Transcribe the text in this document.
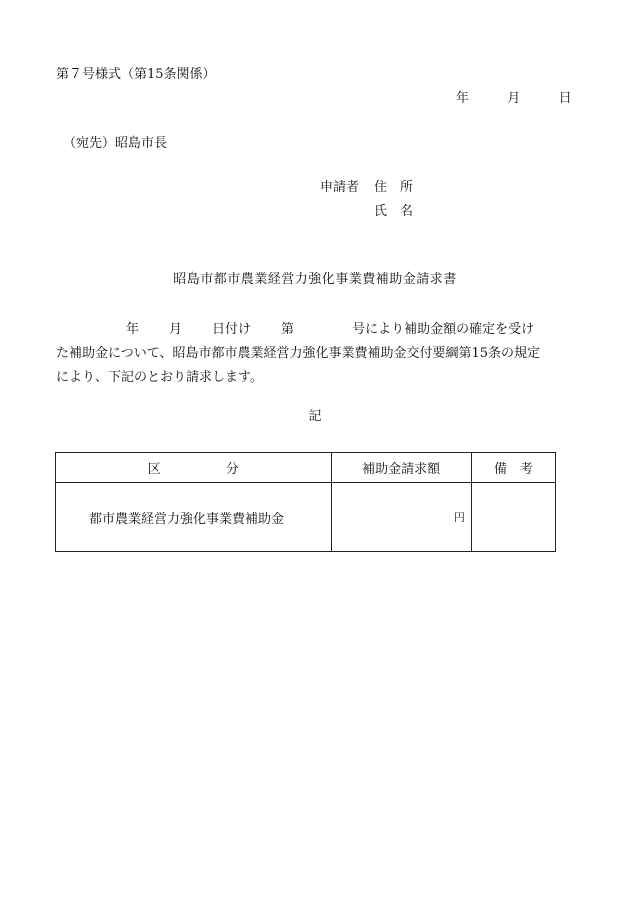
第７号様式（第15条関係）
年	月	日
（宛先）昭島市長
申請者 住　所
氏　名
昭島市都市農業経営力強化事業費補助金請求書
年 月 日付け 第	号により補助金額の確定を受け
た補助金について、昭島市都市農業経営力強化事業費補助金交付要綱第15条の規定
により、下記のとおり請求します。
記
区　　　　　分	補助金請求額	備　考
都市農業経営力強化事業費補助金	円	
